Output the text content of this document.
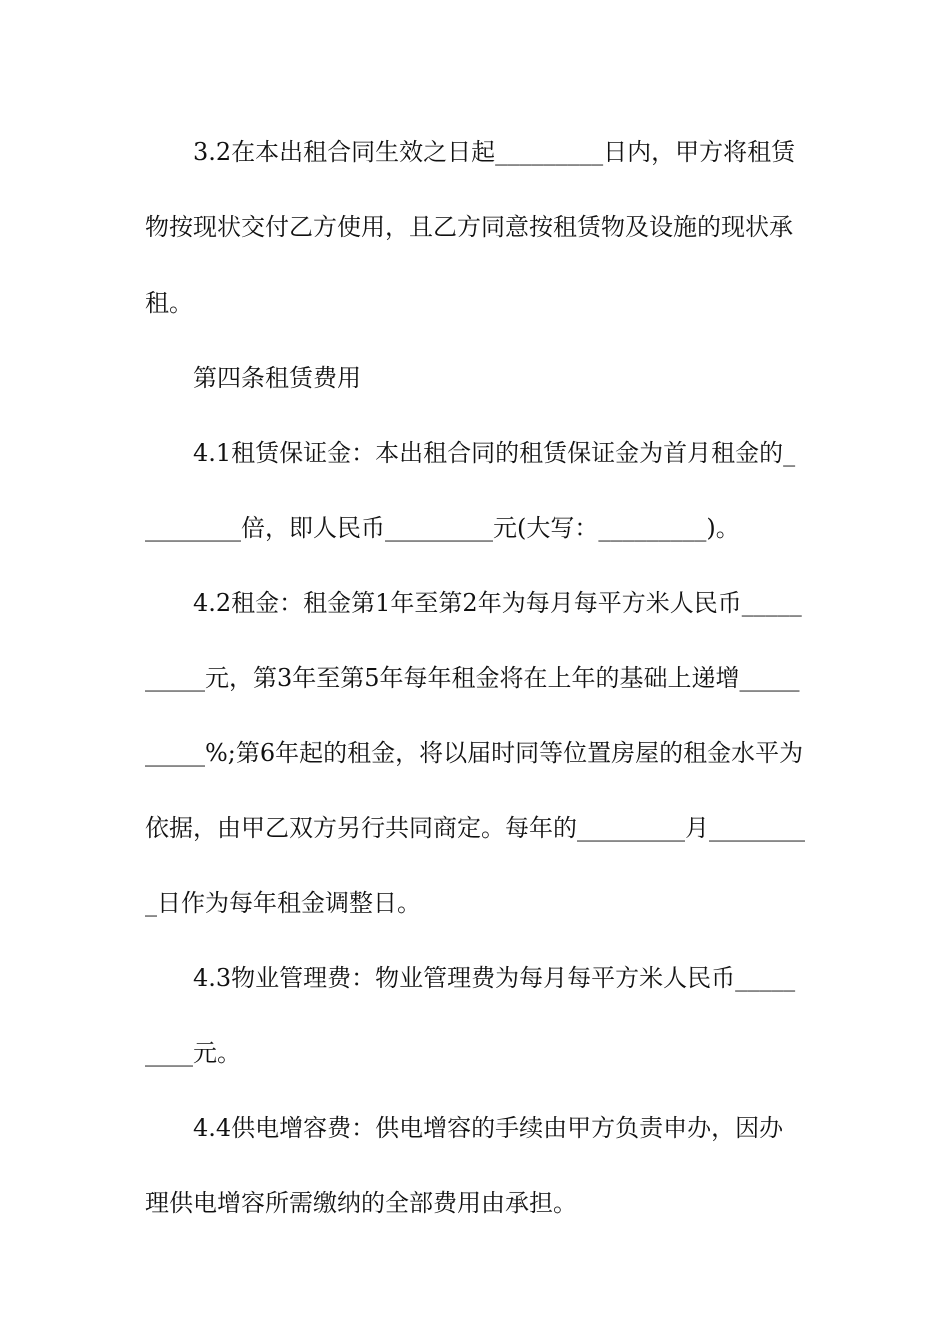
3.2在本出租合同生效之日起_________日内，甲方将租赁
物按现状交付乙方使用，且乙方同意按租赁物及设施的现状承
租。
第四条租赁费用
4.1租赁保证金：本出租合同的租赁保证金为首月租金的_
________倍，即人民币_________元(大写：_________)。
4.2租金：租金第1年至第2年为每月每平方米人民币_____
_____元，第3年至第5年每年租金将在上年的基础上递增_____
_____%;第6年起的租金，将以届时同等位置房屋的租金水平为
依据，由甲乙双方另行共同商定。每年的_________月________
_日作为每年租金调整日。
4.3物业管理费：物业管理费为每月每平方米人民币_____
____元。
4.4供电增容费：供电增容的手续由甲方负责申办，因办
理供电增容所需缴纳的全部费用由承担。
